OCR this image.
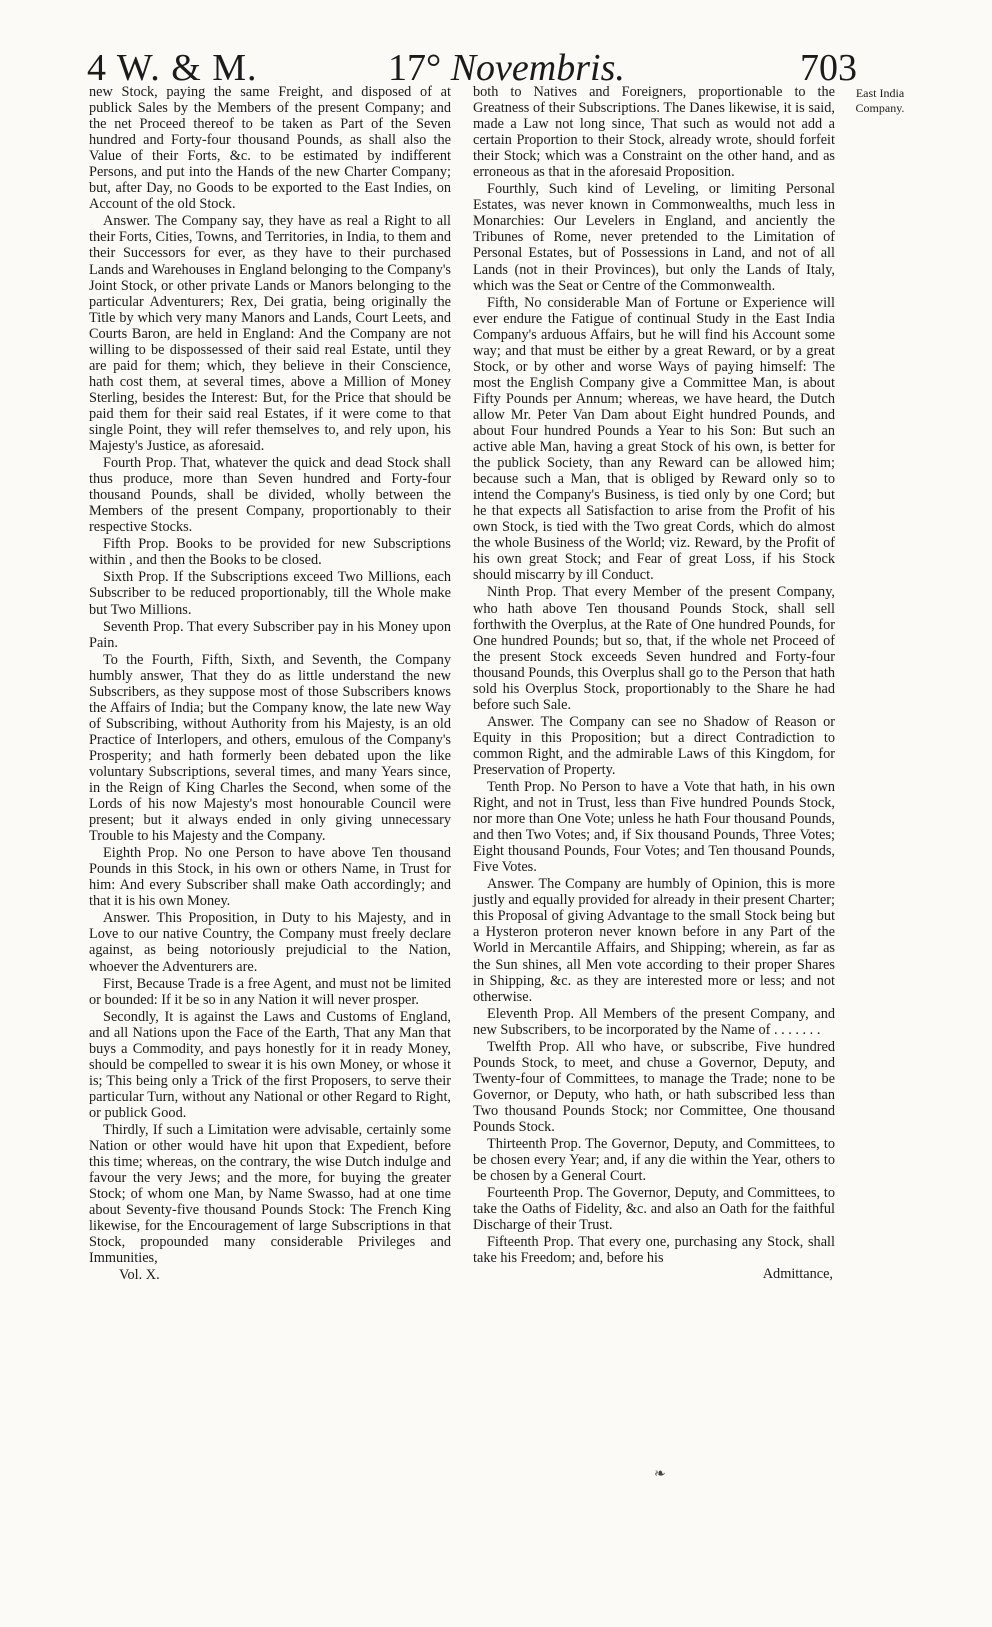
4 W. & M.	17° Novembris.	703
East India Company.

new Stock, paying the same Freight, and disposed of at publick Sales by the Members of the present Company; and the net Proceed thereof to be taken as Part of the Seven hundred and Forty-four thousand Pounds, as shall also the Value of their Forts, &c. to be estimated by indifferent Persons, and put into the Hands of the new Charter Company; but, after Day, no Goods to be exported to the East Indies, on Account of the old Stock.

Answer. The Company say, they have as real a Right to all their Forts, Cities, Towns, and Territories, in India, to them and their Successors for ever, as they have to their purchased Lands and Warehouses in England belonging to the Company's Joint Stock, or other private Lands or Manors belonging to the particular Adventurers; Rex, Dei gratia, being originally the Title by which very many Manors and Lands, Court Leets, and Courts Baron, are held in England: And the Company are not willing to be dispossessed of their said real Estate, until they are paid for them; which, they believe in their Conscience, hath cost them, at several times, above a Million of Money Sterling, besides the Interest: But, for the Price that should be paid them for their said real Estates, if it were come to that single Point, they will refer themselves to, and rely upon, his Majesty's Justice, as aforesaid.

Fourth Prop. That, whatever the quick and dead Stock shall thus produce, more than Seven hundred and Forty-four thousand Pounds, shall be divided, wholly between the Members of the present Company, proportionably to their respective Stocks.

Fifth Prop. Books to be provided for new Subscriptions within , and then the Books to be closed.

Sixth Prop. If the Subscriptions exceed Two Millions, each Subscriber to be reduced proportionably, till the Whole make but Two Millions.

Seventh Prop. That every Subscriber pay in his Money upon Pain.

To the Fourth, Fifth, Sixth, and Seventh, the Company humbly answer, That they do as little understand the new Subscribers, as they suppose most of those Subscribers knows the Affairs of India; but the Company know, the late new Way of Subscribing, without Authority from his Majesty, is an old Practice of Interlopers, and others, emulous of the Company's Prosperity; and hath formerly been debated upon the like voluntary Subscriptions, several times, and many Years since, in the Reign of King Charles the Second, when some of the Lords of his now Majesty's most honourable Council were present; but it always ended in only giving unnecessary Trouble to his Majesty and the Company.

Eighth Prop. No one Person to have above Ten thousand Pounds in this Stock, in his own or others Name, in Trust for him: And every Subscriber shall make Oath accordingly; and that it is his own Money.

Answer. This Proposition, in Duty to his Majesty, and in Love to our native Country, the Company must freely declare against, as being notoriously prejudicial to the Nation, whoever the Adventurers are.

First, Because Trade is a free Agent, and must not be limited or bounded: If it be so in any Nation it will never prosper.

Secondly, It is against the Laws and Customs of England, and all Nations upon the Face of the Earth, That any Man that buys a Commodity, and pays honestly for it in ready Money, should be compelled to swear it is his own Money, or whose it is; This being only a Trick of the first Proposers, to serve their particular Turn, without any National or other Regard to Right, or publick Good.

Thirdly, If such a Limitation were advisable, certainly some Nation or other would have hit upon that Expedient, before this time; whereas, on the contrary, the wise Dutch indulge and favour the very Jews; and the more, for buying the greater Stock; of whom one Man, by Name Swasso, had at one time about Seventy-five thousand Pounds Stock: The French King likewise, for the Encouragement of large Subscriptions in that Stock, propounded many considerable Privileges and Immunities,

Vol. X.

both to Natives and Foreigners, proportionable to the Greatness of their Subscriptions. The Danes likewise, it is said, made a Law not long since, That such as would not add a certain Proportion to their Stock, already wrote, should forfeit their Stock; which was a Constraint on the other hand, and as erroneous as that in the aforesaid Proposition.

Fourthly, Such kind of Leveling, or limiting Personal Estates, was never known in Commonwealths, much less in Monarchies: Our Levelers in England, and anciently the Tribunes of Rome, never pretended to the Limitation of Personal Estates, but of Possessions in Land, and not of all Lands (not in their Provinces), but only the Lands of Italy, which was the Seat or Centre of the Commonwealth.

Fifth, No considerable Man of Fortune or Experience will ever endure the Fatigue of continual Study in the East India Company's arduous Affairs, but he will find his Account some way; and that must be either by a great Reward, or by a great Stock, or by other and worse Ways of paying himself: The most the English Company give a Committee Man, is about Fifty Pounds per Annum; whereas, we have heard, the Dutch allow Mr. Peter Van Dam about Eight hundred Pounds, and about Four hundred Pounds a Year to his Son: But such an active able Man, having a great Stock of his own, is better for the publick Society, than any Reward can be allowed him; because such a Man, that is obliged by Reward only so to intend the Company's Business, is tied only by one Cord; but he that expects all Satisfaction to arise from the Profit of his own Stock, is tied with the Two great Cords, which do almost the whole Business of the World; viz. Reward, by the Profit of his own great Stock; and Fear of great Loss, if his Stock should miscarry by ill Conduct.

Ninth Prop. That every Member of the present Company, who hath above Ten thousand Pounds Stock, shall sell forthwith the Overplus, at the Rate of One hundred Pounds, for One hundred Pounds; but so, that, if the whole net Proceed of the present Stock exceeds Seven hundred and Forty-four thousand Pounds, this Overplus shall go to the Person that hath sold his Overplus Stock, proportionably to the Share he had before such Sale.

Answer. The Company can see no Shadow of Reason or Equity in this Proposition; but a direct Contradiction to common Right, and the admirable Laws of this Kingdom, for Preservation of Property.

Tenth Prop. No Person to have a Vote that hath, in his own Right, and not in Trust, less than Five hundred Pounds Stock, nor more than One Vote; unless he hath Four thousand Pounds, and then Two Votes; and, if Six thousand Pounds, Three Votes; Eight thousand Pounds, Four Votes; and Ten thousand Pounds, Five Votes.

Answer. The Company are humbly of Opinion, this is more justly and equally provided for already in their present Charter; this Proposal of giving Advantage to the small Stock being but a Hysteron proteron never known before in any Part of the World in Mercantile Affairs, and Shipping; wherein, as far as the Sun shines, all Men vote according to their proper Shares in Shipping, &c. as they are interested more or less; and not otherwise.

Eleventh Prop. All Members of the present Company, and new Subscribers, to be incorporated by the Name of . . . . . . .

Twelfth Prop. All who have, or subscribe, Five hundred Pounds Stock, to meet, and chuse a Governor, Deputy, and Twenty-four of Committees, to manage the Trade; none to be Governor, or Deputy, who hath, or hath subscribed less than Two thousand Pounds Stock; nor Committee, One thousand Pounds Stock.

Thirteenth Prop. The Governor, Deputy, and Committees, to be chosen every Year; and, if any die within the Year, others to be chosen by a General Court.

Fourteenth Prop. The Governor, Deputy, and Committees, to take the Oaths of Fidelity, &c. and also an Oath for the faithful Discharge of their Trust.

Fifteenth Prop. That every one, purchasing any Stock, shall take his Freedom; and, before his

Admittance,

❧
